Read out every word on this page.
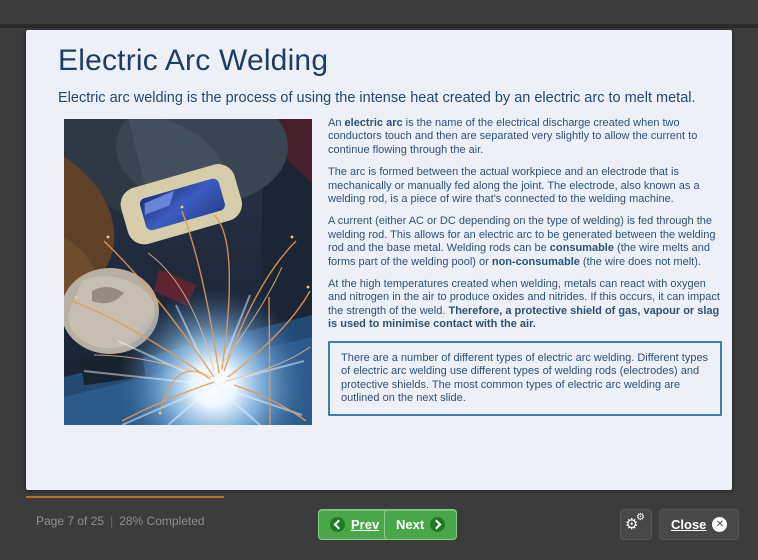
Electric Arc Welding

Electric arc welding is the process of using the intense heat created by an electric arc to melt metal.

An electric arc is the name of the electrical discharge created when two conductors touch and then are separated very slightly to allow the current to continue flowing through the air.

The arc is formed between the actual workpiece and an electrode that is mechanically or manually fed along the joint. The electrode, also known as a welding rod, is a piece of wire that's connected to the welding machine.

A current (either AC or DC depending on the type of welding) is fed through the welding rod. This allows for an electric arc to be generated between the welding rod and the base metal. Welding rods can be consumable (the wire melts and forms part of the welding pool) or non-consumable (the wire does not melt).

At the high temperatures created when welding, metals can react with oxygen and nitrogen in the air to produce oxides and nitrides. If this occurs, it can impact the strength of the weld. Therefore, a protective shield of gas, vapour or slag is used to minimise contact with the air.

There are a number of different types of electric arc welding. Different types of electric arc welding use different types of welding rods (electrodes) and protective shields. The most common types of electric arc welding are outlined on the next slide.

Page 7 of 25 | 28% Completed	Prev Next	⚙
⚙ Close ✕
